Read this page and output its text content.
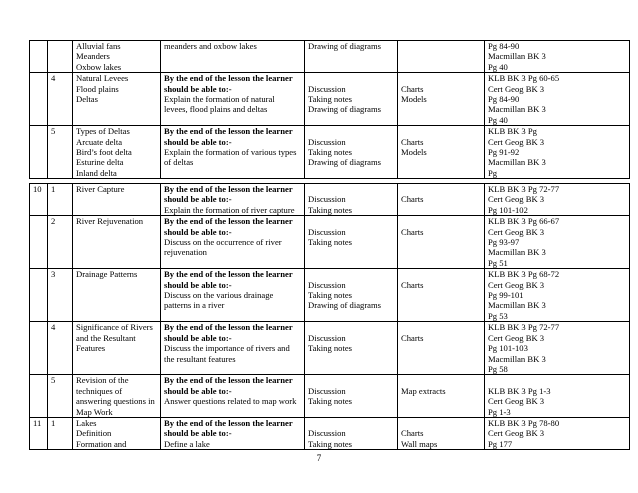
		Alluvial fans
Meanders
Oxbow lakes	meanders and oxbow lakes	Drawing of diagrams		Pg 84-90
Macmillan BK 3
Pg 40

	4	Natural Levees
Flood plains
Deltas	By the end of the lesson the learner
should be able to:-
Explain the formation of natural
levees, flood plains and deltas	Discussion
Taking notes
Drawing of diagrams	Charts
Models	KLB BK 3 Pg 60-65
Cert Geog BK 3
Pg 84-90
Macmillan BK 3
Pg 40

	5	Types of Deltas
Arcuate delta
Bird’s foot delta
Esturine delta
Inland delta	By the end of the lesson the learner
should be able to:-
Explain the formation of various types
of deltas	Discussion
Taking notes
Drawing of diagrams	Charts
Models	KLB BK 3 Pg
Cert Geog BK 3
Pg 91-92
Macmillan BK 3
Pg
10	1	River Capture	By the end of the lesson the learner
should be able to:-
Explain the formation of river capture	Discussion
Taking notes	Charts	KLB BK 3 Pg 72-77
Cert Geog BK 3
Pg 101-102

	2	River Rejuvenation	By the end of the lesson the learner
should be able to:-
Discuss on the occurrence of river
rejuvenation	Discussion
Taking notes	Charts	KLB BK 3 Pg 66-67
Cert Geog BK 3
Pg 93-97
Macmillan BK 3
Pg 51

	3	Drainage Patterns	By the end of the lesson the learner
should be able to:-
Discuss on the various drainage
patterns in a river	Discussion
Taking notes
Drawing of diagrams	Charts	KLB BK 3 Pg 68-72
Cert Geog BK 3
Pg 99-101
Macmillan BK 3
Pg 53

	4	Significance of Rivers
and the Resultant
Features	By the end of the lesson the learner
should be able to:-
Discuss the importance of rivers and
the resultant features	Discussion
Taking notes	Charts	KLB BK 3 Pg 72-77
Cert Geog BK 3
Pg 101-103
Macmillan BK 3
Pg 58

	5	Revision of the
techniques of
answering questions in
Map Work	By the end of the lesson the learner
should be able to:-
Answer questions related to map work	Discussion
Taking notes	Map extracts	KLB BK 3 Pg 1-3
Cert Geog BK 3
Pg 1-3

11	1	Lakes
Definition
Formation and	By the end of the lesson the learner
should be able to:-
Define a lake	Discussion
Taking notes	Charts
Wall maps	KLB BK 3 Pg 78-80
Cert Geog BK 3
Pg 177
7
